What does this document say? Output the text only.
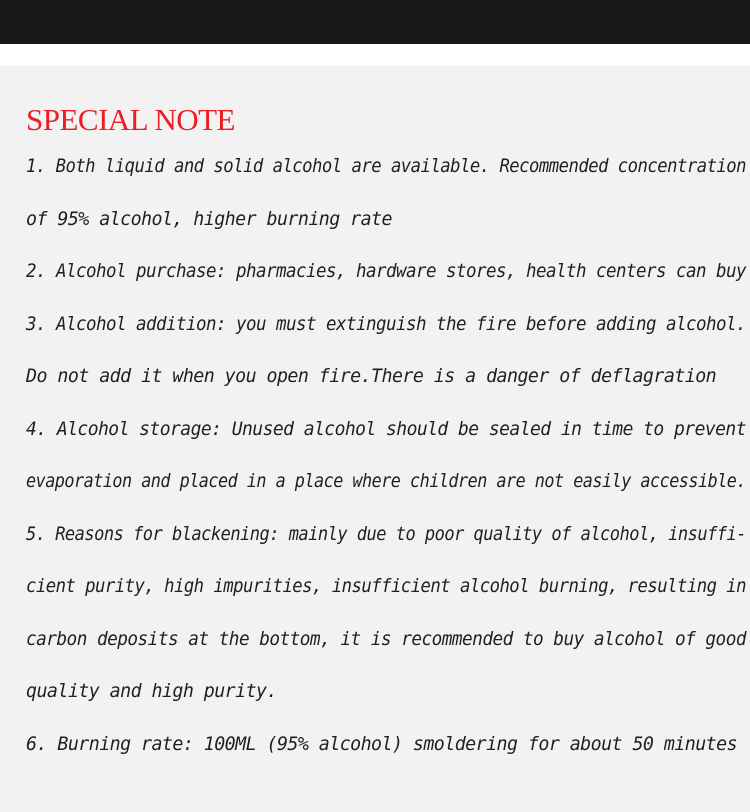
SPECIAL NOTE

1. Both liquid and solid alcohol are available. Recommended concentration

of 95% alcohol, higher burning rate

2. Alcohol purchase: pharmacies, hardware stores, health centers can buy

3. Alcohol addition: you must extinguish the fire before adding alcohol.

Do not add it when you open fire.There is a danger of deflagration

4. Alcohol storage: Unused alcohol should be sealed in time to prevent

evaporation and placed in a place where children are not easily accessible.

5. Reasons for blackening: mainly due to poor quality of alcohol, insuffi-

cient purity, high impurities, insufficient alcohol burning, resulting in

carbon deposits at the bottom, it is recommended to buy alcohol of good

quality and high purity.

6. Burning rate: 100ML (95% alcohol) smoldering for about 50 minutes
